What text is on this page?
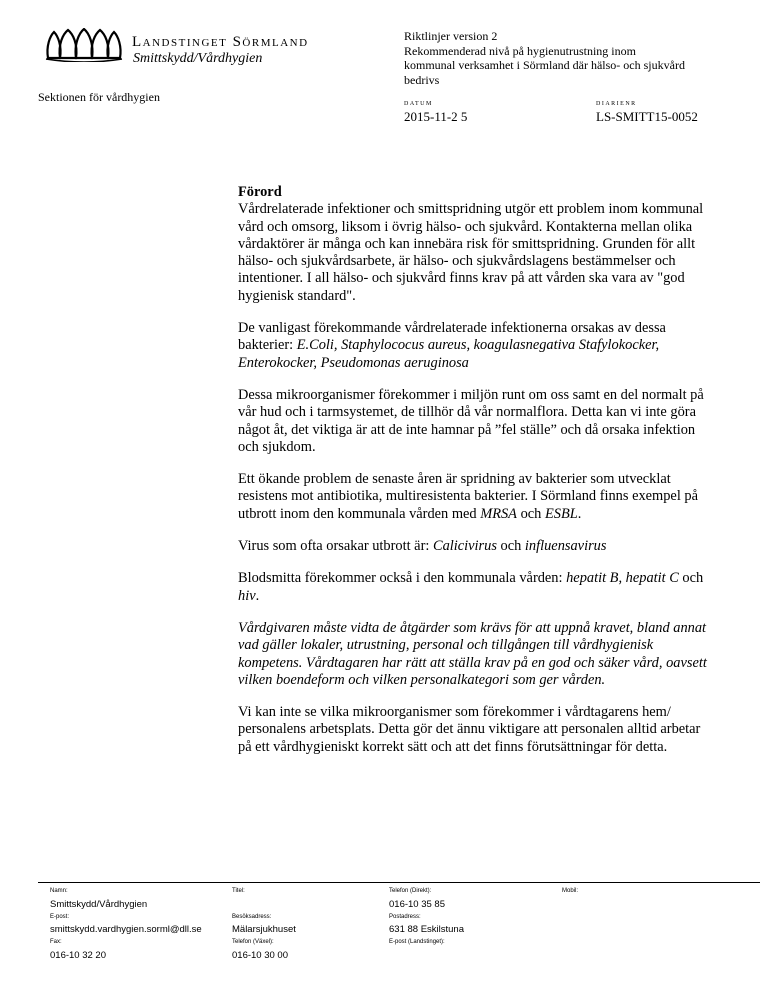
Landstinget Sörmland
Smittskydd/Vårdhygien
Sektionen för vårdhygien
Riktlinjer version 2
Rekommenderad nivå på hygienutrustning inom
kommunal verksamhet i Sörmland där hälso- och sjukvård
bedrivs
DATUM
2015-11-2 5
DIARIENR
LS-SMITT15-0052
Förord

Vårdrelaterade infektioner och smittspridning utgör ett problem inom kommunal vård och omsorg, liksom i övrig hälso- och sjukvård. Kontakterna mellan olika vårdaktörer är många och kan innebära risk för smittspridning. Grunden för allt hälso- och sjukvårdsarbete, är hälso- och sjukvårdslagens bestämmelser och intentioner. I all hälso- och sjukvård finns krav på att vården ska vara av "god hygienisk standard".

De vanligast förekommande vårdrelaterade infektionerna orsakas av dessa bakterier: E.Coli, Staphylococus aureus, koagulasnegativa Stafylokocker, Enterokocker, Pseudomonas aeruginosa

Dessa mikroorganismer förekommer i miljön runt om oss samt en del normalt på vår hud och i tarmsystemet, de tillhör då vår normalflora. Detta kan vi inte göra något åt, det viktiga är att de inte hamnar på ”fel ställe” och då orsaka infektion och sjukdom.

Ett ökande problem de senaste åren är spridning av bakterier som utvecklat resistens mot antibiotika, multiresistenta bakterier. I Sörmland finns exempel på utbrott inom den kommunala vården med MRSA och ESBL.

Virus som ofta orsakar utbrott är: Calicivirus och influensavirus

Blodsmitta förekommer också i den kommunala vården: hepatit B, hepatit C och hiv.

Vårdgivaren måste vidta de åtgärder som krävs för att uppnå kravet, bland annat vad gäller lokaler, utrustning, personal och tillgången till vårdhygienisk kompetens. Vårdtagaren har rätt att ställa krav på en god och säker vård, oavsett vilken boendeform och vilken personalkategori som ger vården.

Vi kan inte se vilka mikroorganismer som förekommer i vårdtagarens hem/ personalens arbetsplats. Detta gör det ännu viktigare att personalen alltid arbetar på ett vårdhygieniskt korrekt sätt och att det finns förutsättningar för detta.

Namn:
Smittskydd/Vårdhygien
Titel:	Telefon (Direkt):
016-10 35 85
Mobil:
E-post:
smittskydd.vardhygien.sorml@dll.se
Besöksadress:
Mälarsjukhuset
Postadress:
631 88 Eskilstuna
Fax:
016-10 32 20
Telefon (Växel):
016-10 30 00
E-post (Landstinget):
